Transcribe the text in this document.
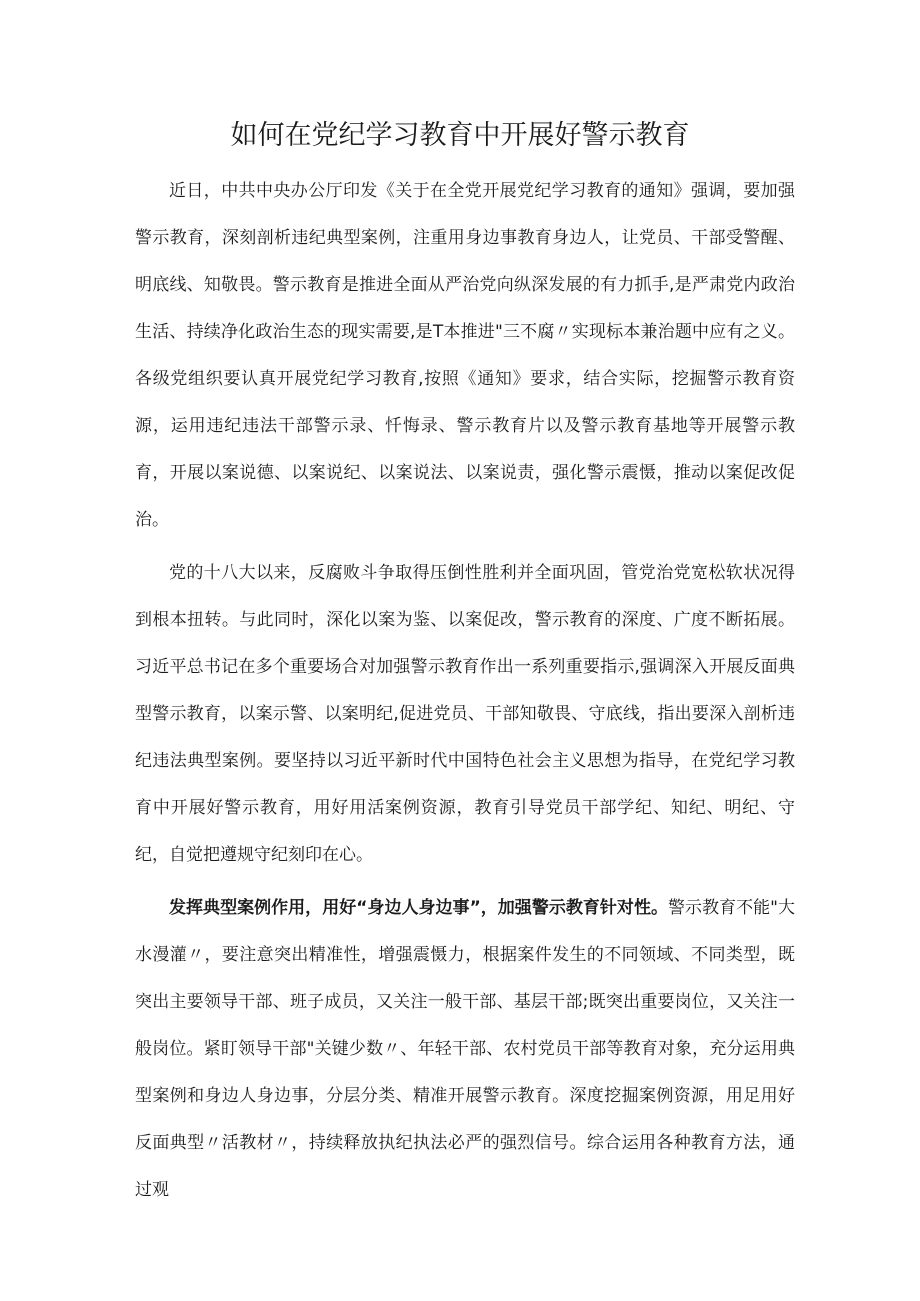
如何在党纪学习教育中开展好警示教育

近日，中共中央办公厅印发《关于在全党开展党纪学习教育的通知》强调，要加强警示教育，深刻剖析违纪典型案例，注重用身边事教育身边人，让党员、干部受警醒、明底线、知敬畏。警示教育是推进全面从严治党向纵深发展的有力抓手,是严肃党内政治生活、持续净化政治生态的现实需要,是T本推进"三不腐〃实现标本兼治题中应有之义。各级党组织要认真开展党纪学习教育,按照《通知》要求，结合实际，挖掘警示教育资源，运用违纪违法干部警示录、忏悔录、警示教育片以及警示教育基地等开展警示教育，开展以案说德、以案说纪、以案说法、以案说责，强化警示震慑，推动以案促改促治。

党的十八大以来，反腐败斗争取得压倒性胜利并全面巩固，管党治党宽松软状况得到根本扭转。与此同时，深化以案为鉴、以案促改，警示教育的深度、广度不断拓展。习近平总书记在多个重要场合对加强警示教育作出一系列重要指示,强调深入开展反面典型警示教育，以案示警、以案明纪,促进党员、干部知敬畏、守底线，指出要深入剖析违纪违法典型案例。要坚持以习近平新时代中国特色社会主义思想为指导，在党纪学习教育中开展好警示教育，用好用活案例资源，教育引导党员干部学纪、知纪、明纪、守纪，自觉把遵规守纪刻印在心。

发挥典型案例作用，用好“身边人身边事”，加强警示教育针对性。警示教育不能"大水漫灌〃，要注意突出精准性，增强震慑力，根据案件发生的不同领域、不同类型，既突出主要领导干部、班子成员，又关注一般干部、基层干部;既突出重要岗位，又关注一般岗位。紧盯领导干部"关键少数〃、年轻干部、农村党员干部等教育对象，充分运用典型案例和身边人身边事，分层分类、精准开展警示教育。深度挖掘案例资源，用足用好反面典型〃活教材〃，持续释放执纪执法必严的强烈信号。综合运用各种教育方法，通过观
